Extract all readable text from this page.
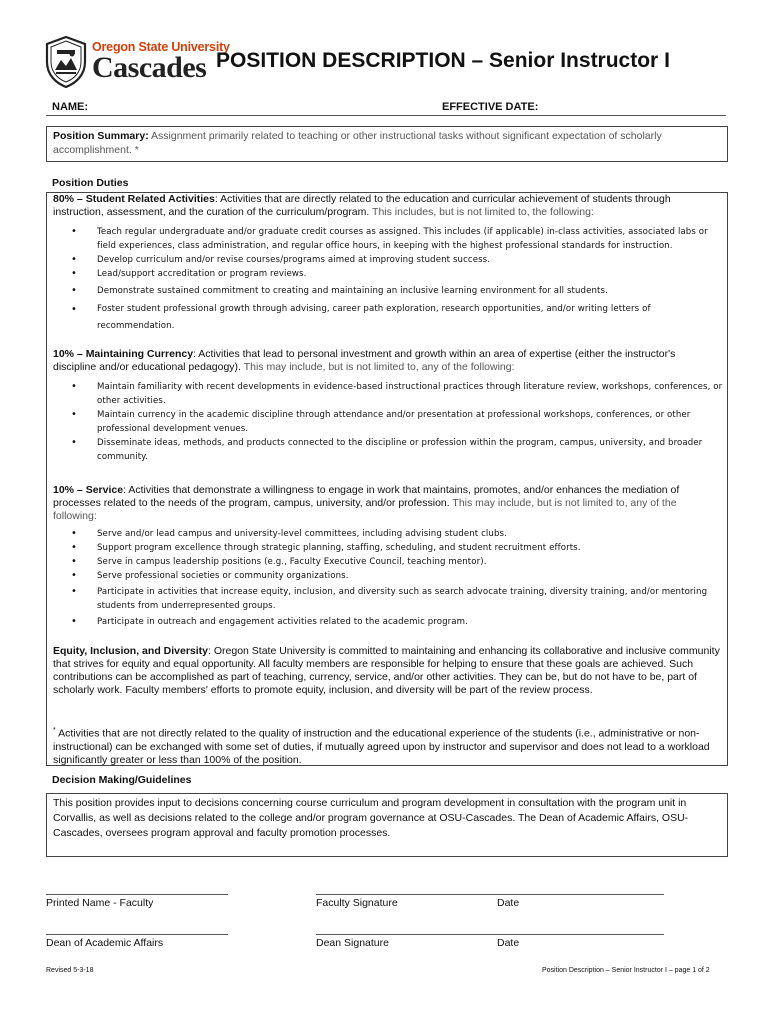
Oregon State University
Cascades POSITION DESCRIPTION – Senior Instructor I
NAME:	EFFECTIVE DATE:

Position Summary: Assignment primarily related to teaching or other instructional tasks without significant expectation of scholarly accomplishment. *

Position Duties

80% – Student Related Activities: Activities that are directly related to the education and curricular achievement of students through instruction, assessment, and the curation of the curriculum/program. This includes, but is not limited to, the following:

• Teach regular undergraduate and/or graduate credit courses as assigned. This includes (if applicable) in-class activities, associated labs or field experiences, class administration, and regular office hours, in keeping with the highest professional standards for instruction.
• Develop curriculum and/or revise courses/programs aimed at improving student success.
• Lead/support accreditation or program reviews.
• Demonstrate sustained commitment to creating and maintaining an inclusive learning environment for all students.
• Foster student professional growth through advising, career path exploration, research opportunities, and/or writing letters of recommendation.

10% – Maintaining Currency: Activities that lead to personal investment and growth within an area of expertise (either the instructor's discipline and/or educational pedagogy). This may include, but is not limited to, any of the following:

• Maintain familiarity with recent developments in evidence-based instructional practices through literature review, workshops, conferences, or other activities.
• Maintain currency in the academic discipline through attendance and/or presentation at professional workshops, conferences, or other professional development venues.
• Disseminate ideas, methods, and products connected to the discipline or profession within the program, campus, university, and broader community.

10% – Service: Activities that demonstrate a willingness to engage in work that maintains, promotes, and/or enhances the mediation of processes related to the needs of the program, campus, university, and/or profession. This may include, but is not limited to, any of the following:

• Serve and/or lead campus and university-level committees, including advising student clubs.
• Support program excellence through strategic planning, staffing, scheduling, and student recruitment efforts.
• Serve in campus leadership positions (e.g., Faculty Executive Council, teaching mentor).
• Serve professional societies or community organizations.
• Participate in activities that increase equity, inclusion, and diversity such as search advocate training, diversity training, and/or mentoring students from underrepresented groups.
• Participate in outreach and engagement activities related to the academic program.

Equity, Inclusion, and Diversity: Oregon State University is committed to maintaining and enhancing its collaborative and inclusive community that strives for equity and equal opportunity. All faculty members are responsible for helping to ensure that these goals are achieved. Such contributions can be accomplished as part of teaching, currency, service, and/or other activities. They can be, but do not have to be, part of scholarly work. Faculty members' efforts to promote equity, inclusion, and diversity will be part of the review process.

* Activities that are not directly related to the quality of instruction and the educational experience of the students (i.e., administrative or non-instructional) can be exchanged with some set of duties, if mutually agreed upon by instructor and supervisor and does not lead to a workload significantly greater or less than 100% of the position.

Decision Making/Guidelines

This position provides input to decisions concerning course curriculum and program development in consultation with the program unit in Corvallis, as well as decisions related to the college and/or program governance at OSU-Cascades. The Dean of Academic Affairs, OSU-Cascades, oversees program approval and faculty promotion processes.

Printed Name - Faculty	Faculty Signature	Date
Dean of Academic Affairs	Dean Signature	Date
Revised 5-3-18	Position Description – Senior Instructor I – page 1 of 2
